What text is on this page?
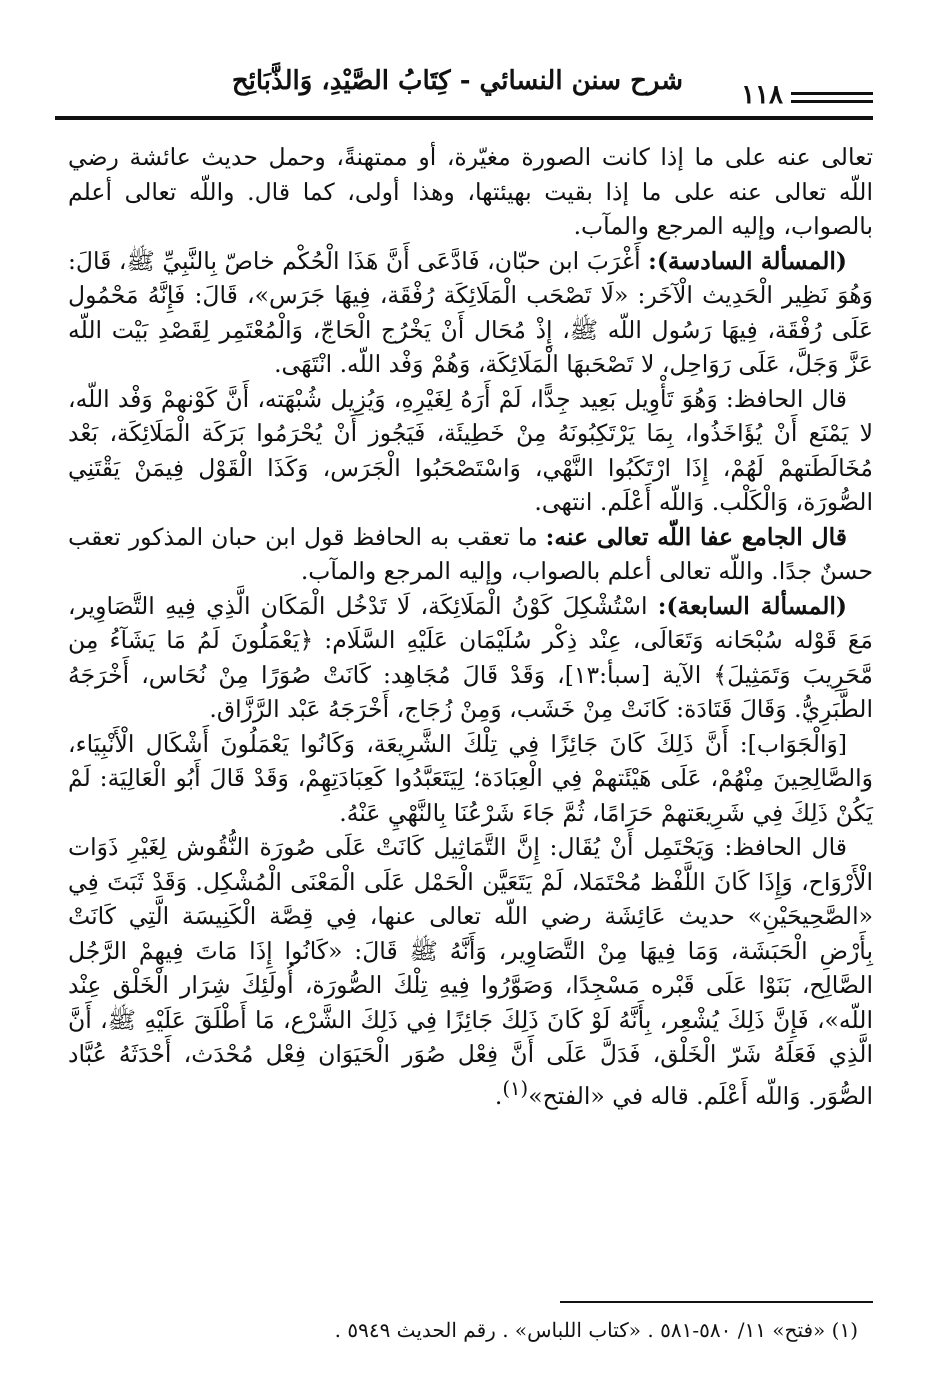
شرح سنن النسائي - كِتَابُ الصَّيْدِ، وَالذَّبَائِح ١١٨

تعالى عنه على ما إذا كانت الصورة مغيّرة، أو ممتهنةً، وحمل حديث عائشة رضي اللّه تعالى عنه على ما إذا بقيت بهيئتها، وهذا أولى، كما قال. واللّه تعالى أعلم بالصواب، وإليه المرجع والمآب.

(المسألة السادسة): أَغْرَبَ ابن حبّان، فَادَّعَى أَنَّ هَذَا الْحُكْم خاصّ بِالنَّبِيِّ ﷺ، قَالَ: وَهُوَ نَظِير الْحَدِيث الْآخَر: «لَا تَصْحَب الْمَلَائِكَة رُفْقَة، فِيهَا جَرَس»، قَالَ: فَإِنَّهُ مَحْمُول عَلَى رُفْقَة، فِيهَا رَسُول اللّه ﷺ، إِذْ مُحَال أَنْ يَخْرُج الْحَاجّ، وَالْمُعْتَمِر لِقَصْدِ بَيْت اللّه عَزَّ وَجَلَّ، عَلَى رَوَاحِل، لا تَصْحَبهَا الْمَلَائِكَة، وَهُمْ وَفْد اللّه. انْتَهَى.

قال الحافظ: وَهُوَ تَأْوِيل بَعِيد جِدًّا، لَمْ أَرَهُ لِغَيْرِهِ، وَيُزِيل شُبْهَته، أَنَّ كَوْنهمْ وَفْد اللّه، لا يَمْنَع أَنْ يُؤَاخَذُوا، بِمَا يَرْتَكِبُونَهُ مِنْ خَطِيئَة، فَيَجُوز أَنْ يُحْرَمُوا بَرَكَة الْمَلَائِكَة، بَعْد مُخَالَطَتهمْ لَهُمْ، إِذَا ارْتَكَبُوا النَّهْي، وَاسْتَصْحَبُوا الْجَرَس، وَكَذَا الْقَوْل فِيمَنْ يَقْتَنِي الصُّورَة، وَالْكَلْب. وَاللّه أَعْلَم. انتهى.

قال الجامع عفا اللّه تعالى عنه: ما تعقب به الحافظ قول ابن حبان المذكور تعقب حسنٌ جدًا. واللّه تعالى أعلم بالصواب، وإليه المرجع والمآب.

(المسألة السابعة): اسْتُشْكِلَ كَوْنُ الْمَلَائِكَة، لَا تَدْخُل الْمَكَان الَّذِي فِيهِ التَّصَاوِير، مَعَ قَوْله سُبْحَانه وَتَعَالَى، عِنْد ذِكْر سُلَيْمَان عَلَيْهِ السَّلَام: ﴿يَعْمَلُونَ لَمُ مَا يَشَآءُ مِن مَّحَرِيبَ وَتَمَثِيلَ﴾ الآية [سبأ:١٣]، وَقَدْ قَالَ مُجَاهِد: كَانَتْ صُوَرًا مِنْ نُحَاس، أَخْرَجَهُ الطَّبَرِيُّ. وَقَالَ قَتَادَة: كَانَتْ مِنْ خَشَب، وَمِنْ زُجَاج، أَخْرَجَهُ عَبْد الرَّزَّاق.

[وَالْجَوَاب]: أَنَّ ذَلِكَ كَانَ جَائِزًا فِي تِلْكَ الشَّرِيعَة، وَكَانُوا يَعْمَلُونَ أَشْكَال الْأَنْبِيَاء، وَالصَّالِحِينَ مِنْهُمْ، عَلَى هَيْئَتهمْ فِي الْعِبَادَة؛ لِيَتَعَبَّدُوا كَعِبَادَتِهِمْ، وَقَدْ قَالَ أَبُو الْعَالِيَة: لَمْ يَكُنْ ذَلِكَ فِي شَرِيعَتهمْ حَرَامًا، ثُمَّ جَاءَ شَرْعُنَا بِالنَّهْيِ عَنْهُ.

قال الحافظ: وَيَحْتَمِل أَنْ يُقَال: إِنَّ التَّمَاثِيل كَانَتْ عَلَى صُورَة النُّقُوش لِغَيْرِ ذَوَات الْأَرْوَاح، وَإِذَا كَانَ اللَّفْظ مُحْتَمَلا، لَمْ يَتَعَيَّن الْحَمْل عَلَى الْمَعْنَى الْمُشْكِل. وَقَدْ ثَبَتَ فِي «الصَّحِيحَيْنِ» حديث عَائِشَة رضي اللّه تعالى عنها، فِي قِصَّة الْكَنِيسَة الَّتِي كَانَتْ بِأَرْضِ الْحَبَشَة، وَمَا فِيهَا مِنْ التَّصَاوِير، وَأَنَّهُ ﷺ قَالَ: «كَانُوا إِذَا مَاتَ فِيهِمْ الرَّجُل الصَّالِح، بَنَوْا عَلَى قَبْره مَسْجِدًا، وَصَوَّرُوا فِيهِ تِلْكَ الصُّورَة، أُولَئِكَ شِرَار الْخَلْق عِنْد اللّه»، فَإِنَّ ذَلِكَ يُشْعِر، بِأَنَّهُ لَوْ كَانَ ذَلِكَ جَائِزًا فِي ذَلِكَ الشَّرْع، مَا أَطْلَقَ عَلَيْهِ ﷺ، أَنَّ الَّذِي فَعَلَهُ شَرّ الْخَلْق، فَدَلَّ عَلَى أَنَّ فِعْل صُوَر الْحَيَوَان فِعْل مُحْدَث، أَحْدَثَهُ عُبَّاد الصُّوَر. وَاللّه أَعْلَم. قاله في «الفتح»$^{(١)}$.

(١) «فتح» ١١/ ٥٨٠-٥٨١ . «كتاب اللباس» . رقم الحديث ٥٩٤٩ .
